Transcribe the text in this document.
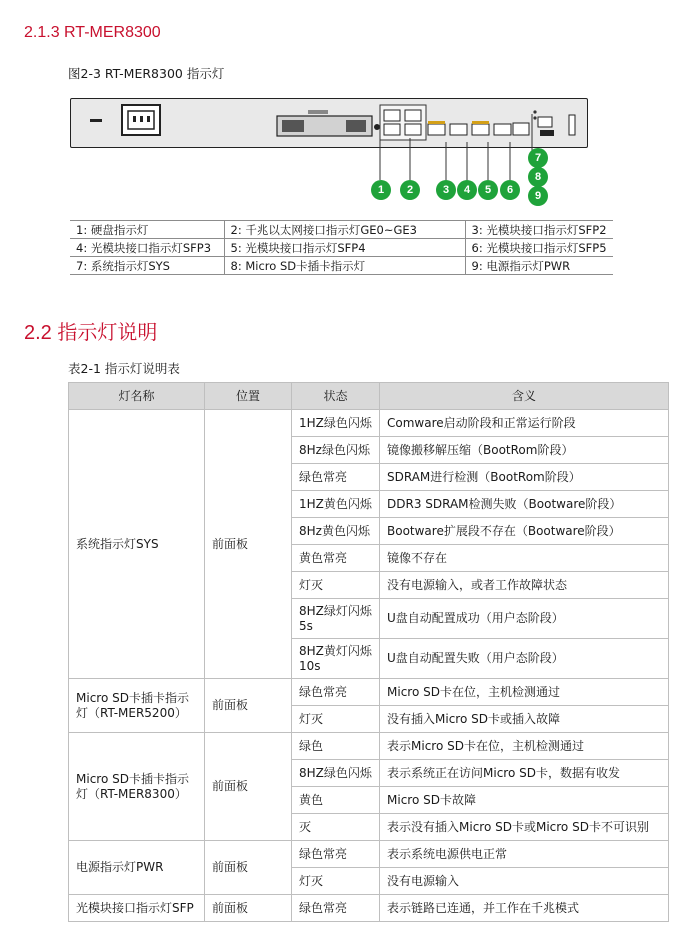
2.1.3 RT-MER8300
图2-3 RT-MER8300 指示灯
1	2	3	4	5	6
7
8
9
1: 硬盘指示灯	2: 千兆以太网接口指示灯GE0~GE3	3: 光模块接口指示灯SFP2
4: 光模块接口指示灯SFP3	5: 光模块接口指示灯SFP4	6: 光模块接口指示灯SFP5
7: 系统指示灯SYS	8: Micro SD卡插卡指示灯	9: 电源指示灯PWR
2.2 指示灯说明
表2-1 指示灯说明表
灯名称	位置	状态	含义
系统指示灯SYS	前面板	1HZ绿色闪烁	Comware启动阶段和正常运行阶段
		8Hz绿色闪烁	镜像搬移解压缩（BootRom阶段）
		绿色常亮	SDRAM进行检测（BootRom阶段）
		1HZ黄色闪烁	DDR3 SDRAM检测失败（Bootware阶段）
		8Hz黄色闪烁	Bootware扩展段不存在（Bootware阶段）
		黄色常亮	镜像不存在
		灯灭	没有电源输入，或者工作故障状态
		8HZ绿灯闪烁5s	U盘自动配置成功（用户态阶段）
		8HZ黄灯闪烁10s	U盘自动配置失败（用户态阶段）
Micro SD卡插卡指示灯（RT-MER5200）	前面板	绿色常亮	Micro SD卡在位，主机检测通过
		灯灭	没有插入Micro SD卡或插入故障
Micro SD卡插卡指示灯（RT-MER8300）	前面板	绿色	表示Micro SD卡在位，主机检测通过
		8HZ绿色闪烁	表示系统正在访问Micro SD卡，数据有收发
		黄色	Micro SD卡故障
		灭	表示没有插入Micro SD卡或Micro SD卡不可识别
电源指示灯PWR	前面板	绿色常亮	表示系统电源供电正常
		灯灭	没有电源输入
光模块接口指示灯SFP	前面板	绿色常亮	表示链路已连通，并工作在千兆模式
